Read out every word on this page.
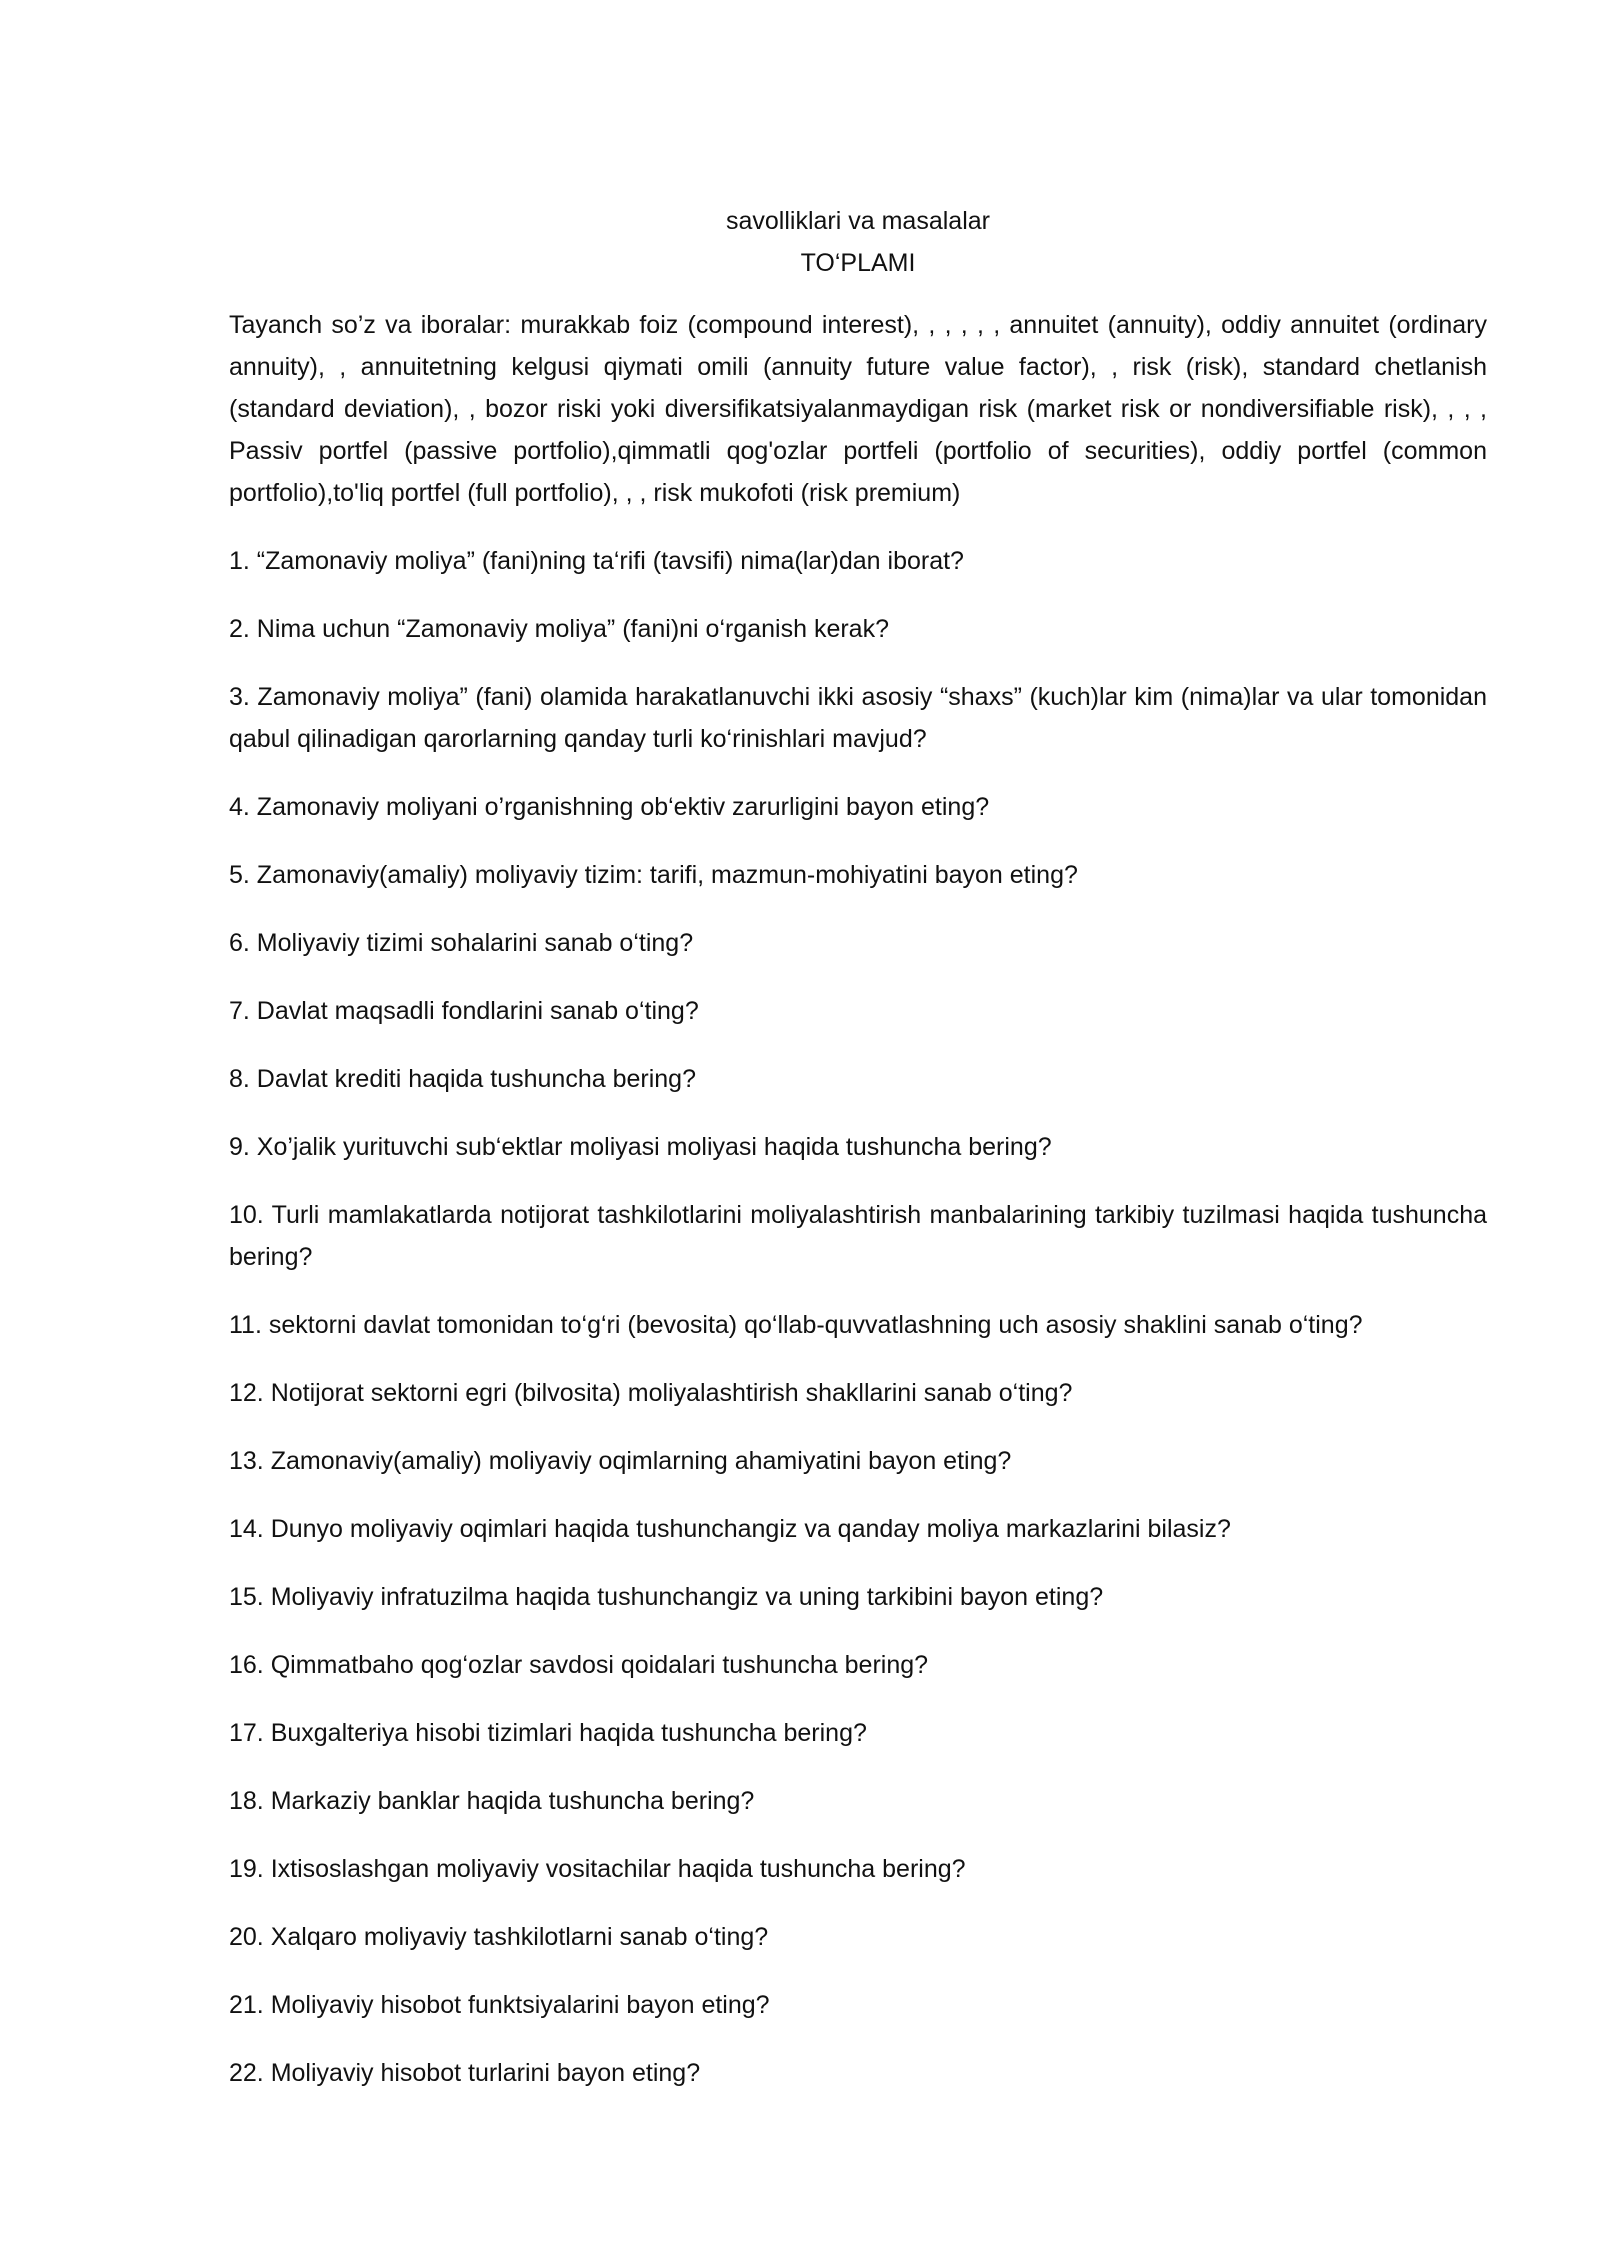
savolliklari va masalalar

TO‘PLAMI

Tayanch so’z va iboralar: murakkab foiz (compound interest), , , , , , annuitet (annuity), oddiy annuitet (ordinary annuity), , annuitetning kelgusi qiymati omili (annuity future value factor), , risk (risk), standard chetlanish (standard deviation), , bozor riski yoki diversifikatsiyalanmaydigan risk (market risk or nondiversifiable risk), , , , Passiv portfel (passive portfolio),qimmatli qog'ozlar portfeli (portfolio of securities), oddiy portfel (common portfolio),to'liq portfel (full portfolio), , , risk mukofoti (risk premium)

1. “Zamonaviy moliya” (fani)ning ta‘rifi (tavsifi) nima(lar)dan iborat?
2. Nima uchun “Zamonaviy moliya” (fani)ni o‘rganish kerak?
3. Zamonaviy moliya” (fani) olamida harakatlanuvchi ikki asosiy “shaxs” (kuch)lar kim (nima)lar va ular tomonidan qabul qilinadigan qarorlarning qanday turli ko‘rinishlari mavjud?
4. Zamonaviy moliyani o’rganishning ob‘ektiv zarurligini bayon eting?
5. Zamonaviy(amaliy) moliyaviy tizim: tarifi, mazmun-mohiyatini bayon eting?
6. Moliyaviy tizimi sohalarini sanab o‘ting?
7. Davlat maqsadli fondlarini sanab o‘ting?
8. Davlat krediti haqida tushuncha bering?
9. Xo’jalik yurituvchi sub‘ektlar moliyasi moliyasi haqida tushuncha bering?
10. Turli mamlakatlarda notijorat tashkilotlarini moliyalashtirish manbalarining tarkibiy tuzilmasi haqida tushuncha bering?
11. sektorni davlat tomonidan to‘g‘ri (bevosita) qo‘llab-quvvatlashning uch asosiy shaklini sanab o‘ting?
12. Notijorat sektorni egri (bilvosita) moliyalashtirish shakllarini sanab o‘ting?
13. Zamonaviy(amaliy) moliyaviy oqimlarning ahamiyatini bayon eting?
14. Dunyo moliyaviy oqimlari haqida tushunchangiz va qanday moliya markazlarini bilasiz?
15. Moliyaviy infratuzilma haqida tushunchangiz va uning tarkibini bayon eting?
16. Qimmatbaho qog‘ozlar savdosi qoidalari tushuncha bering?
17. Buxgalteriya hisobi tizimlari haqida tushuncha bering?
18. Markaziy banklar haqida tushuncha bering?
19. Ixtisoslashgan moliyaviy vositachilar haqida tushuncha bering?
20. Xalqaro moliyaviy tashkilotlarni sanab o‘ting?
21. Moliyaviy hisobot funktsiyalarini bayon eting?
22. Moliyaviy hisobot turlarini bayon eting?
